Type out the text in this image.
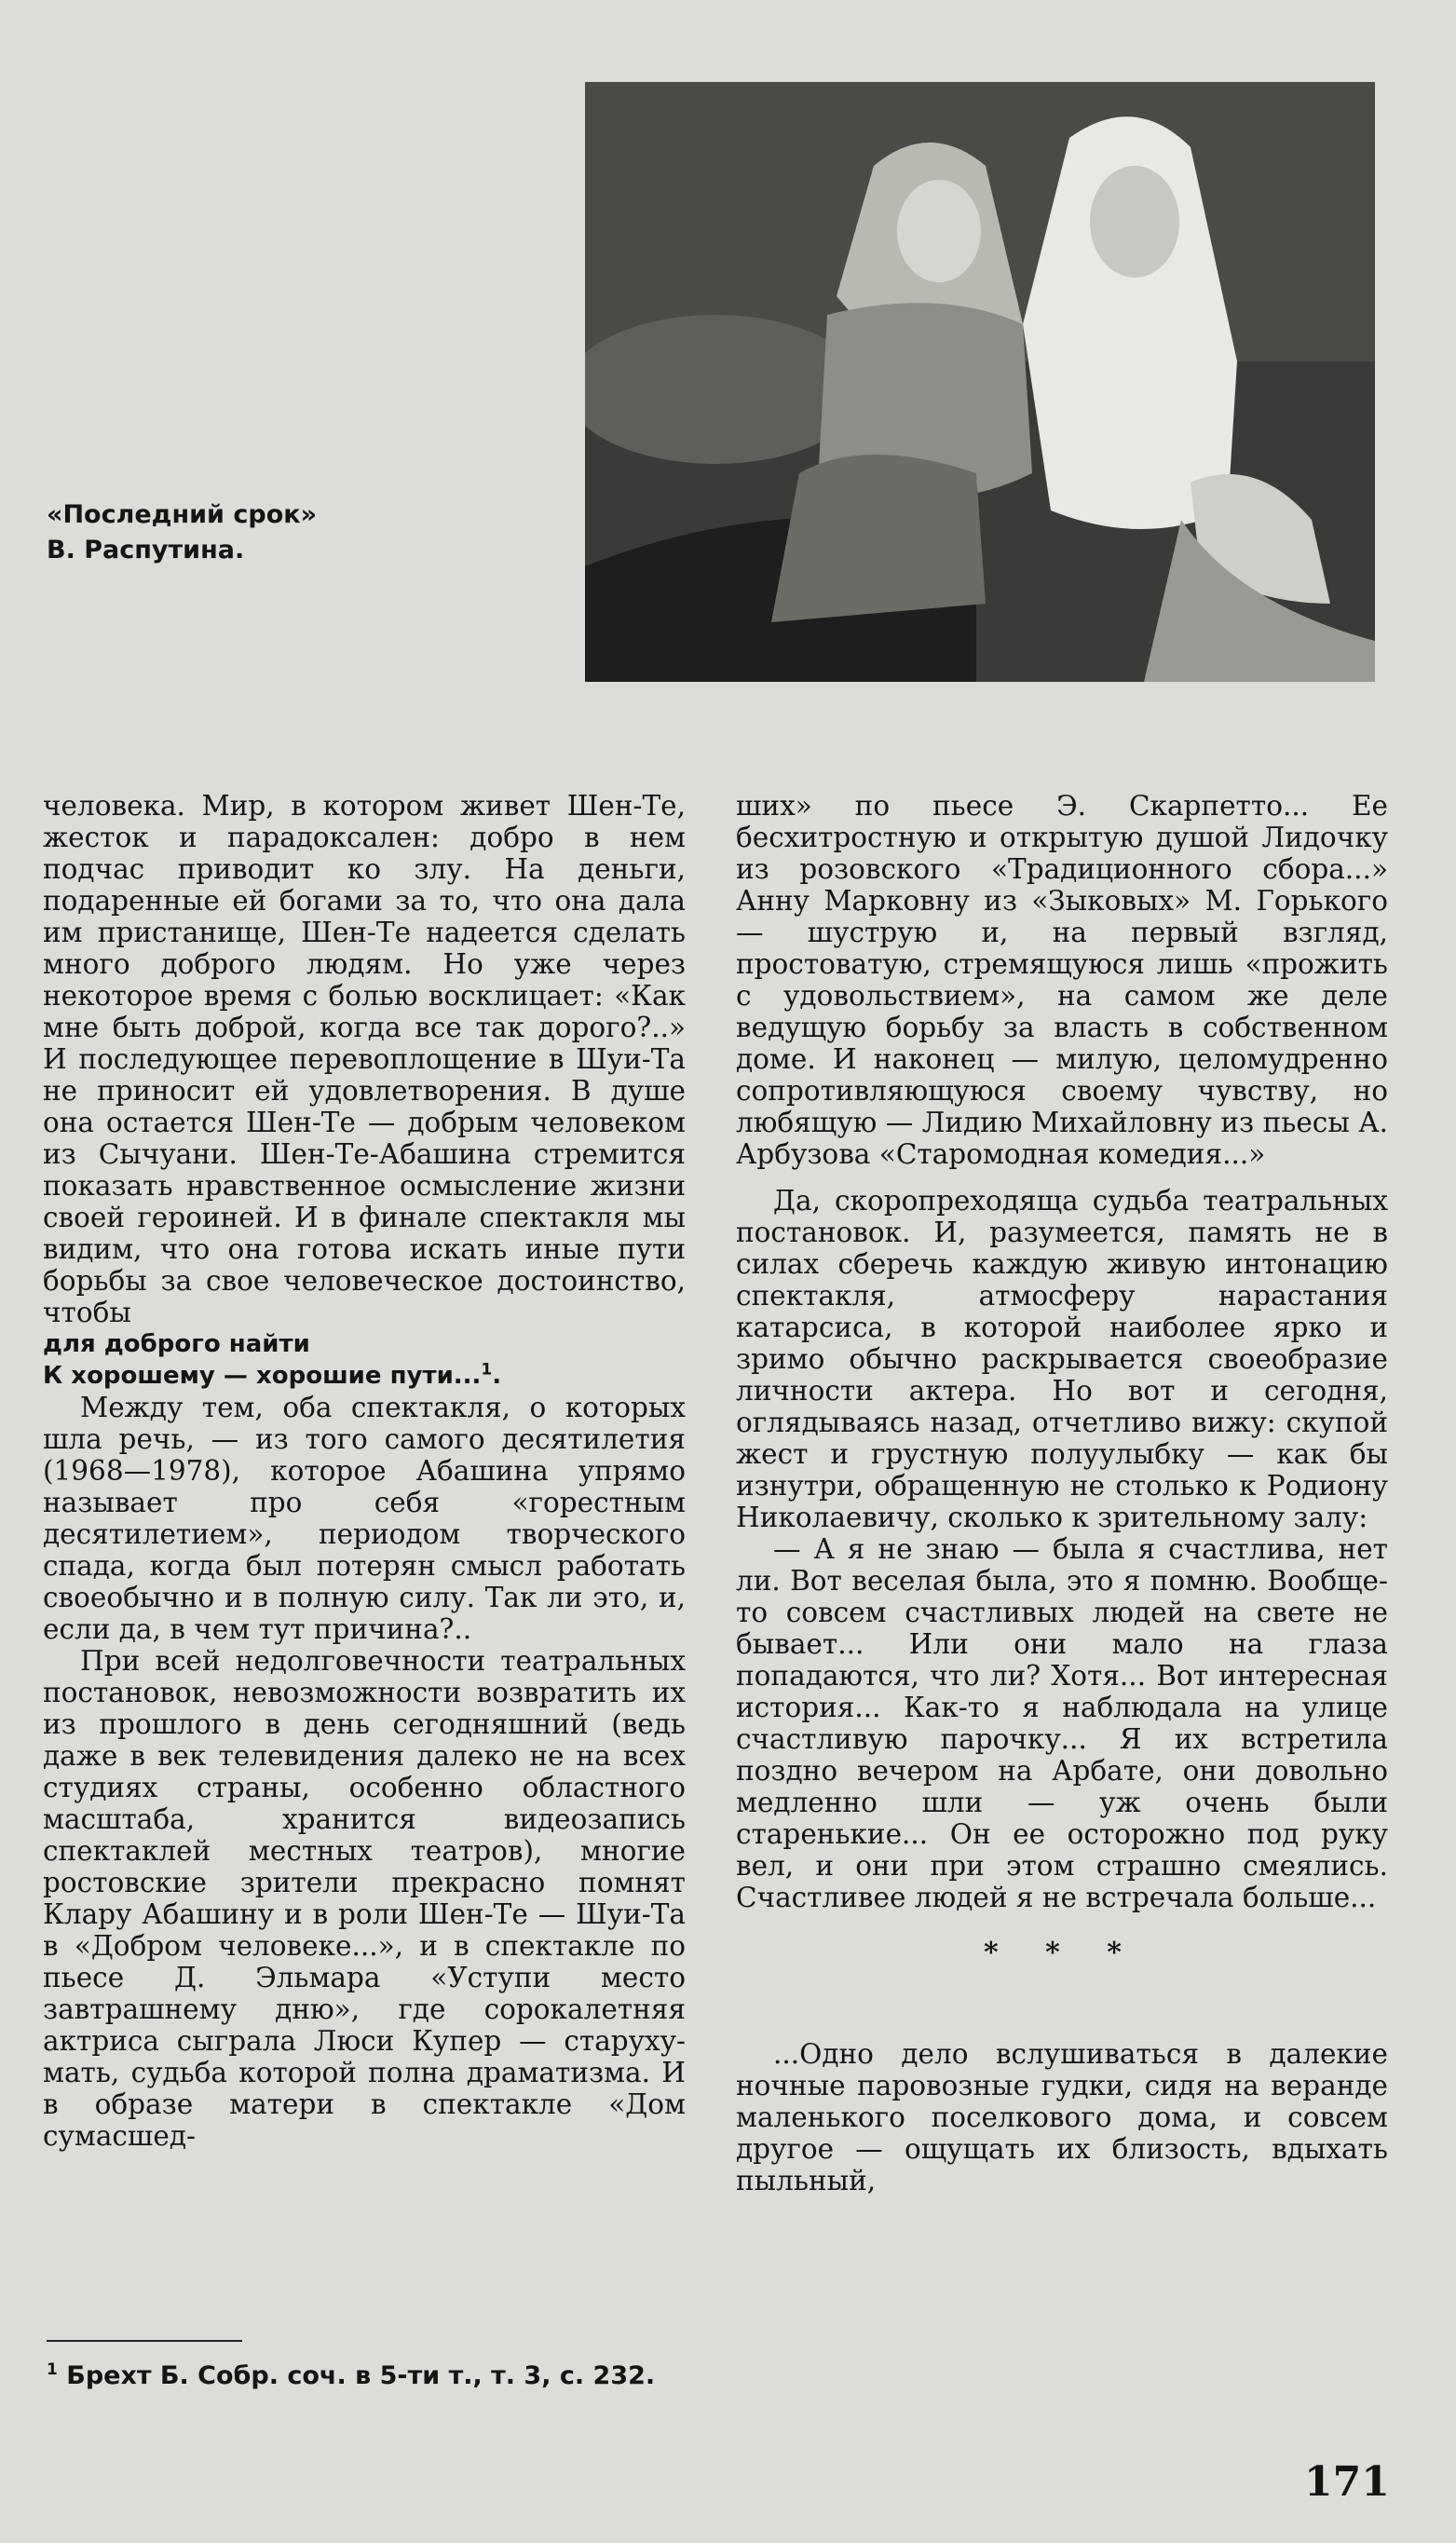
«Последний срок»
В. Распутина.

человека. Мир, в котором живет Шен-Те, жесток и парадоксален: добро в нем подчас приводит ко злу. На деньги, подаренные ей богами за то, что она дала им пристанище, Шен-Те надеется сделать много доброго людям. Но уже через некоторое время с болью восклицает: «Как мне быть доброй, когда все так дорого?..» И последующее перевоплощение в Шуи-Та не приносит ей удовлетворения. В душе она остается Шен-Те — добрым человеком из Сычуани. Шен-Те-Абашина стремится показать нравственное осмысление жизни своей героиней. И в финале спектакля мы видим, что она готова искать иные пути борьбы за свое человеческое достоинство, чтобы

для доброго найти

К хорошему — хорошие пути...$^1$.

Между тем, оба спектакля, о которых шла речь, — из того самого десятилетия (1968—1978), которое Абашина упрямо называет про себя «горестным десятилетием», периодом творческого спада, когда был потерян смысл работать своеобычно и в полную силу. Так ли это, и, если да, в чем тут причина?..

При всей недолговечности театральных постановок, невозможности возвратить их из прошлого в день сегодняшний (ведь даже в век телевидения далеко не на всех студиях страны, особенно областного масштаба, хранится видеозапись спектаклей местных театров), многие ростовские зрители прекрасно помнят Клару Абашину и в роли Шен-Те — Шуи-Та в «Добром человеке...», и в спектакле по пьесе Д. Эльмара «Уступи место завтрашнему дню», где сорокалетняя актриса сыграла Люси Купер — старуху-мать, судьба которой полна драматизма. И в образе матери в спектакле «Дом сумасшед-

ших» по пьесе Э. Скарпетто... Ее бесхитростную и открытую душой Лидочку из розовского «Традиционного сбора...» Анну Марковну из «Зыковых» М. Горького — шуструю и, на первый взгляд, простоватую, стремящуюся лишь «прожить с удовольствием», на самом же деле ведущую борьбу за власть в собственном доме. И наконец — милую, целомудренно сопротивляющуюся своему чувству, но любящую — Лидию Михайловну из пьесы А. Арбузова «Старомодная комедия...»

Да, скоропреходяща судьба театральных постановок. И, разумеется, память не в силах сберечь каждую живую интонацию спектакля, атмосферу нарастания катарсиса, в которой наиболее ярко и зримо обычно раскрывается своеобразие личности актера. Но вот и сегодня, оглядываясь назад, отчетливо вижу: скупой жест и грустную полуулыбку — как бы изнутри, обращенную не столько к Родиону Николаевичу, сколько к зрительному залу:

— А я не знаю — была я счастлива, нет ли. Вот веселая была, это я помню. Вообще-то совсем счастливых людей на свете не бывает... Или они мало на глаза попадаются, что ли? Хотя... Вот интересная история... Как-то я наблюдала на улице счастливую парочку... Я их встретила поздно вечером на Арбате, они довольно медленно шли — уж очень были старенькие... Он ее осторожно под руку вел, и они при этом страшно смеялись. Счастливее людей я не встречала больше...

* * *

...Одно дело вслушиваться в далекие ночные паровозные гудки, сидя на веранде маленького поселкового дома, и совсем другое — ощущать их близость, вдыхать пыльный,

$^1$ Брехт Б. Собр. соч. в 5-ти т., т. 3, с. 232.
171
